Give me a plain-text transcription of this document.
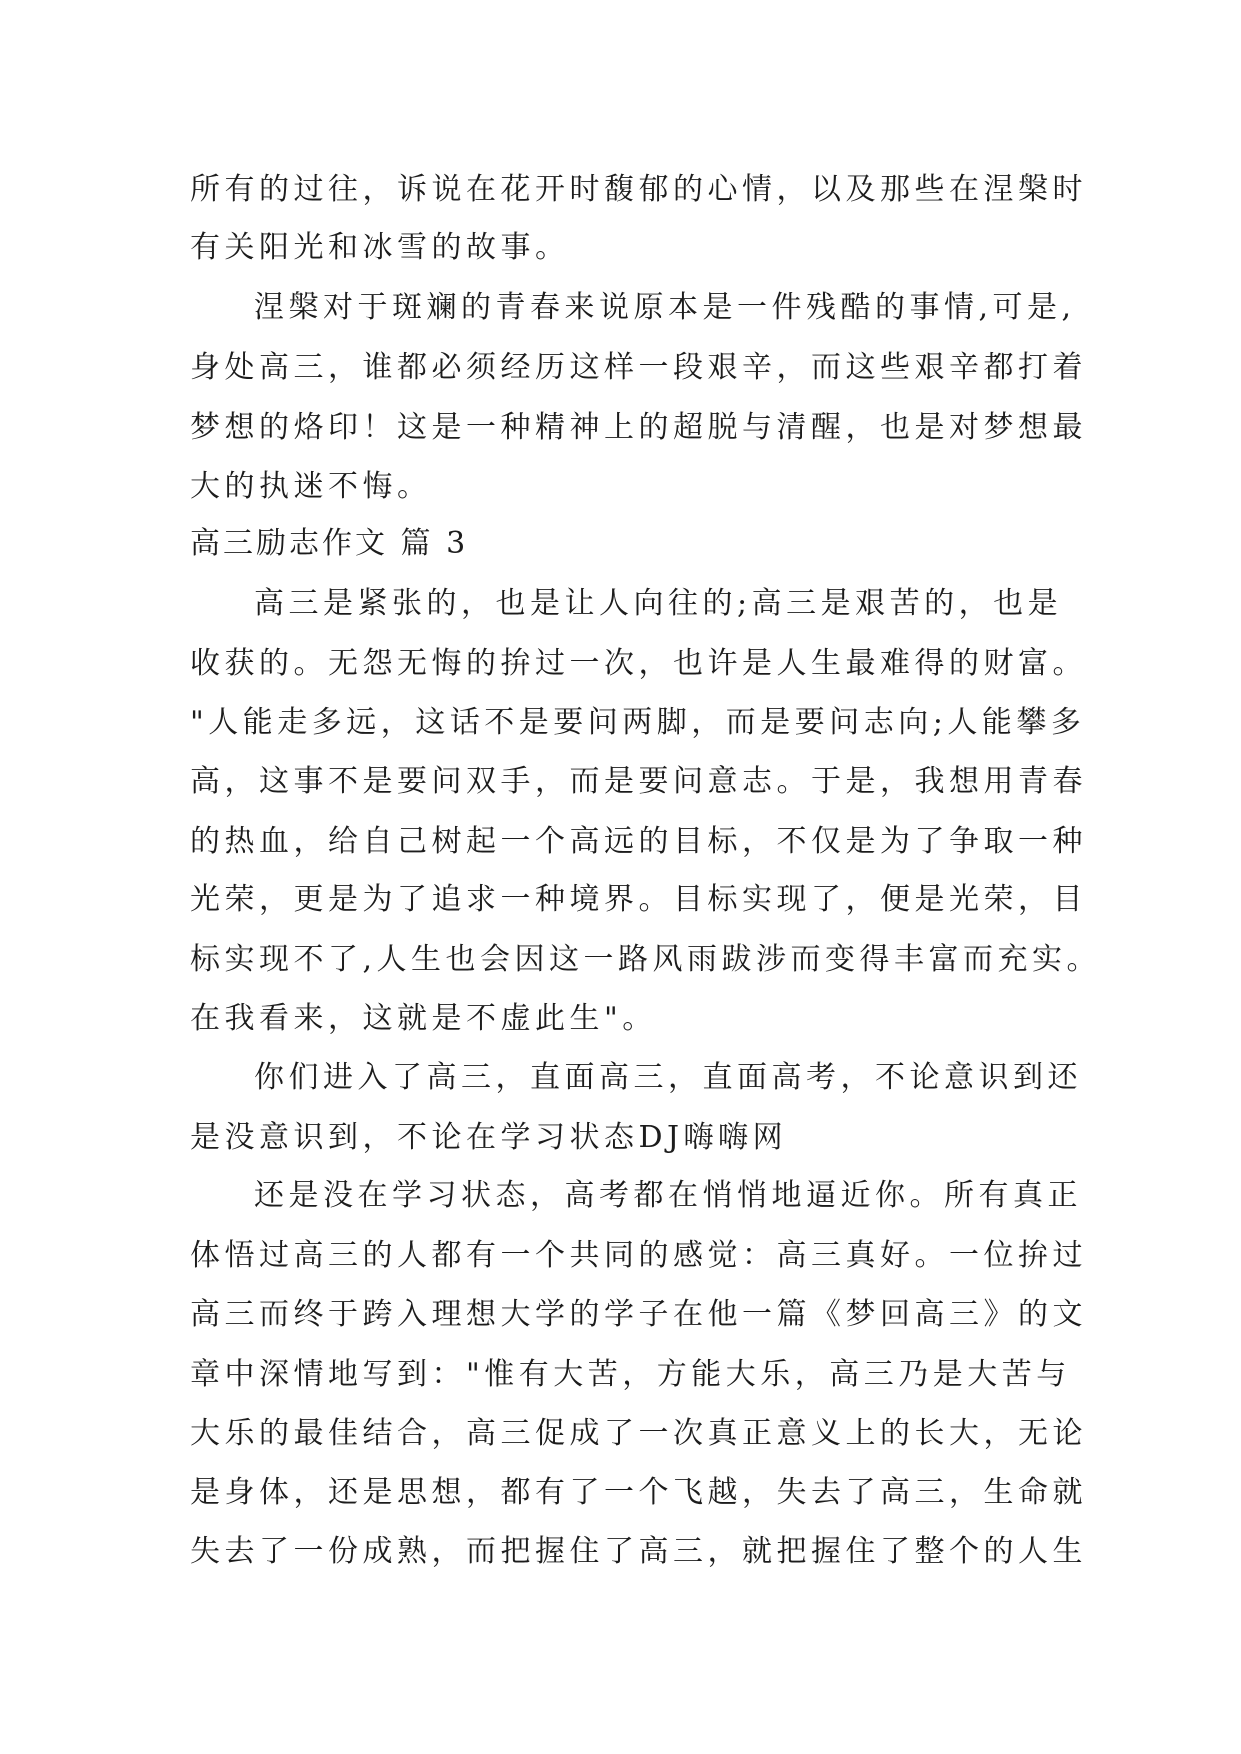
所有的过往，诉说在花开时馥郁的心情，以及那些在涅槃时

有关阳光和冰雪的故事。

涅槃对于斑斓的青春来说原本是一件残酷的事情,可是,

身处高三，谁都必须经历这样一段艰辛，而这些艰辛都打着

梦想的烙印！这是一种精神上的超脱与清醒，也是对梦想最

大的执迷不悔。

高三励志作文 篇 3

高三是紧张的，也是让人向往的;高三是艰苦的，也是

收获的。无怨无悔的拚过一次，也许是人生最难得的财富。

"人能走多远，这话不是要问两脚，而是要问志向;人能攀多

高，这事不是要问双手，而是要问意志。于是，我想用青春

的热血，给自己树起一个高远的目标，不仅是为了争取一种

光荣，更是为了追求一种境界。目标实现了，便是光荣，目

标实现不了,人生也会因这一路风雨跋涉而变得丰富而充实。

在我看来，这就是不虚此生"。

你们进入了高三，直面高三，直面高考，不论意识到还

是没意识到，不论在学习状态DJ嗨嗨网

还是没在学习状态，高考都在悄悄地逼近你。所有真正

体悟过高三的人都有一个共同的感觉：高三真好。一位拚过

高三而终于跨入理想大学的学子在他一篇《梦回高三》的文

章中深情地写到："惟有大苦，方能大乐，高三乃是大苦与

大乐的最佳结合，高三促成了一次真正意义上的长大，无论

是身体，还是思想，都有了一个飞越，失去了高三，生命就

失去了一份成熟，而把握住了高三，就把握住了整个的人生
